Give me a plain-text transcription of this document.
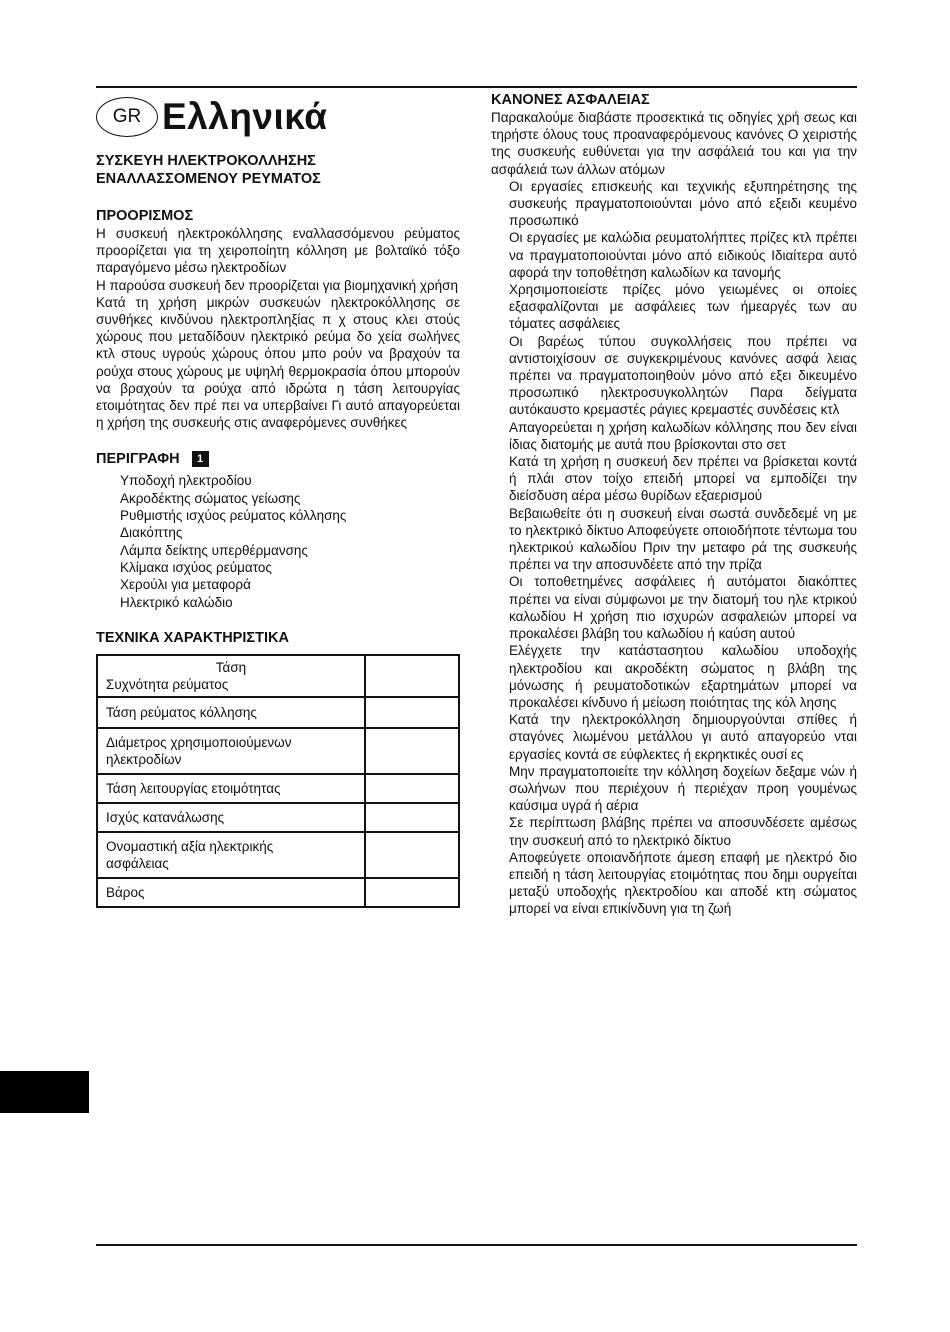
GR Ελληνικά
ΣΥΣΚΕΥΗ ΗΛΕΚΤΡΟΚΟΛΛΗΣΗΣ
ΕΝΑΛΛΑΣΣΟΜΕΝΟΥ ΡΕΥΜΑΤΟΣ
ΠΡΟΟΡΙΣΜΟΣ
Η συσκευή ηλεκτροκόλλησης εναλλασσόμενου ρεύματος προορίζεται για τη χειροποίητη κόλληση με βολταϊκό τόξο παραγόμενο μέσω ηλεκτροδίων
Η παρούσα συσκευή δεν προορίζεται για βιομηχανική χρήση
Κατά τη χρήση μικρών συσκευών ηλεκτροκόλλησης σε συνθήκες κινδύνου ηλεκτροπληξίας π χ στους κλει στούς χώρους που μεταδίδουν ηλεκτρικό ρεύμα δο χεία σωλήνες κτλ στους υγρούς χώρους όπου μπο ρούν να βραχούν τα ρούχα στους χώρους με υψηλή θερμοκρασία όπου μπορούν να βραχούν τα ρούχα από ιδρώτα η τάση λειτουργίας ετοιμότητας δεν πρέ πει να υπερβαίνει Γι αυτό απαγορεύεται η χρήση της συσκευής στις αναφερόμενες συνθήκες
ΠΕΡΙΓΡΑΦΗ 1
Υποδοχή ηλεκτροδίου
Ακροδέκτης σώματος γείωσης
Ρυθμιστής ισχύος ρεύματος κόλλησης
Διακόπτης
Λάμπα δείκτης υπερθέρμανσης
Κλίμακα ισχύος ρεύματος
Χερούλι για μεταφορά
Ηλεκτρικό καλώδιο
ΤΕΧΝΙΚΑ ΧΑΡΑΚΤΗΡΙΣΤΙΚΑ
Τάση
Συχνότητα ρεύματος	

Τάση ρεύματος κόλλησης	

Διάμετρος χρησιμοποιούμενων
ηλεκτροδίων	

Τάση λειτουργίας ετοιμότητας	

Ισχύς κατανάλωσης	

Ονομαστική αξία ηλεκτρικής
ασφάλειας	

Βάρος	

ΚΑΝΟΝΕΣ ΑΣΦΑΛΕΙΑΣ
Παρακαλούμε διαβάστε προσεκτικά τις οδηγίες χρή σεως και τηρήστε όλους τους προαναφερόμενους κανόνες Ο χειριστής της συσκευής ευθύνεται για την ασφάλειά του και για την ασφάλειά των άλλων ατόμων
Οι εργασίες επισκευής και τεχνικής εξυπηρέτησης της συσκευής πραγματοποιούνται μόνο από εξειδι κευμένο προσωπικό
Οι εργασίες με καλώδια ρευματολήπτες πρίζες κτλ πρέπει να πραγματοποιούνται μόνο από ειδικούς Ιδιαίτερα αυτό αφορά την τοποθέτηση καλωδίων κα τανομής
Χρησιμοποιείστε πρίζες μόνο γειωμένες οι οποίες εξασφαλίζονται με ασφάλειες των ήμεαργές των αυ τόματες ασφάλειες
Οι βαρέως τύπου συγκολλήσεις που πρέπει να αντιστοιχίσουν σε συγκεκριμένους κανόνες ασφά λειας πρέπει να πραγματοποιηθούν μόνο από εξει δικευμένο προσωπικό ηλεκτροσυγκολλητών Παρα δείγματα αυτόκαυστο κρεμαστές ράγιες κρεμαστές συνδέσεις κτλ
Απαγορεύεται η χρήση καλωδίων κόλλησης που δεν είναι ίδιας διατομής με αυτά που βρίσκονται στο σετ
Κατά τη χρήση η συσκευή δεν πρέπει να βρίσκεται κοντά ή πλάι στον τοίχο επειδή μπορεί να εμποδίζει την διείσδυση αέρα μέσω θυρίδων εξαερισμού
Βεβαιωθείτε ότι η συσκευή είναι σωστά συνδεδεμέ νη με το ηλεκτρικό δίκτυο Αποφεύγετε οποιοδήποτε τέντωμα του ηλεκτρικού καλωδίου Πριν την μεταφο ρά της συσκευής πρέπει να την αποσυνδέετε από την πρίζα
Οι τοποθετημένες ασφάλειες ή αυτόματοι διακόπτες πρέπει να είναι σύμφωνοι με την διατομή του ηλε κτρικού καλωδίου Η χρήση πιο ισχυρών ασφαλειών μπορεί να προκαλέσει βλάβη του καλωδίου ή καύση αυτού
Ελέγχετε την κατάστασητου καλωδίου υποδοχής ηλεκτροδίου και ακροδέκτη σώματος η βλάβη της μόνωσης ή ρευματοδοτικών εξαρτημάτων μπορεί να προκαλέσει κίνδυνο ή μείωση ποιότητας της κόλ λησης
Κατά την ηλεκτροκόλληση δημιουργούνται σπίθες ή σταγόνες λιωμένου μετάλλου γι αυτό απαγορεύο νται εργασίες κοντά σε εύφλεκτες ή εκρηκτικές ουσί ες
Μην πραγματοποιείτε την κόλληση δοχείων δεξαμε νών ή σωλήνων που περιέχουν ή περιέχαν προη γουμένως καύσιμα υγρά ή αέρια
Σε περίπτωση βλάβης πρέπει να αποσυνδέσετε αμέσως την συσκευή από το ηλεκτρικό δίκτυο
Αποφεύγετε οποιανδήποτε άμεση επαφή με ηλεκτρό διο επειδή η τάση λειτουργίας ετοιμότητας που δημι ουργείται μεταξύ υποδοχής ηλεκτροδίου και αποδέ κτη σώματος μπορεί να είναι επικίνδυνη για τη ζωή
